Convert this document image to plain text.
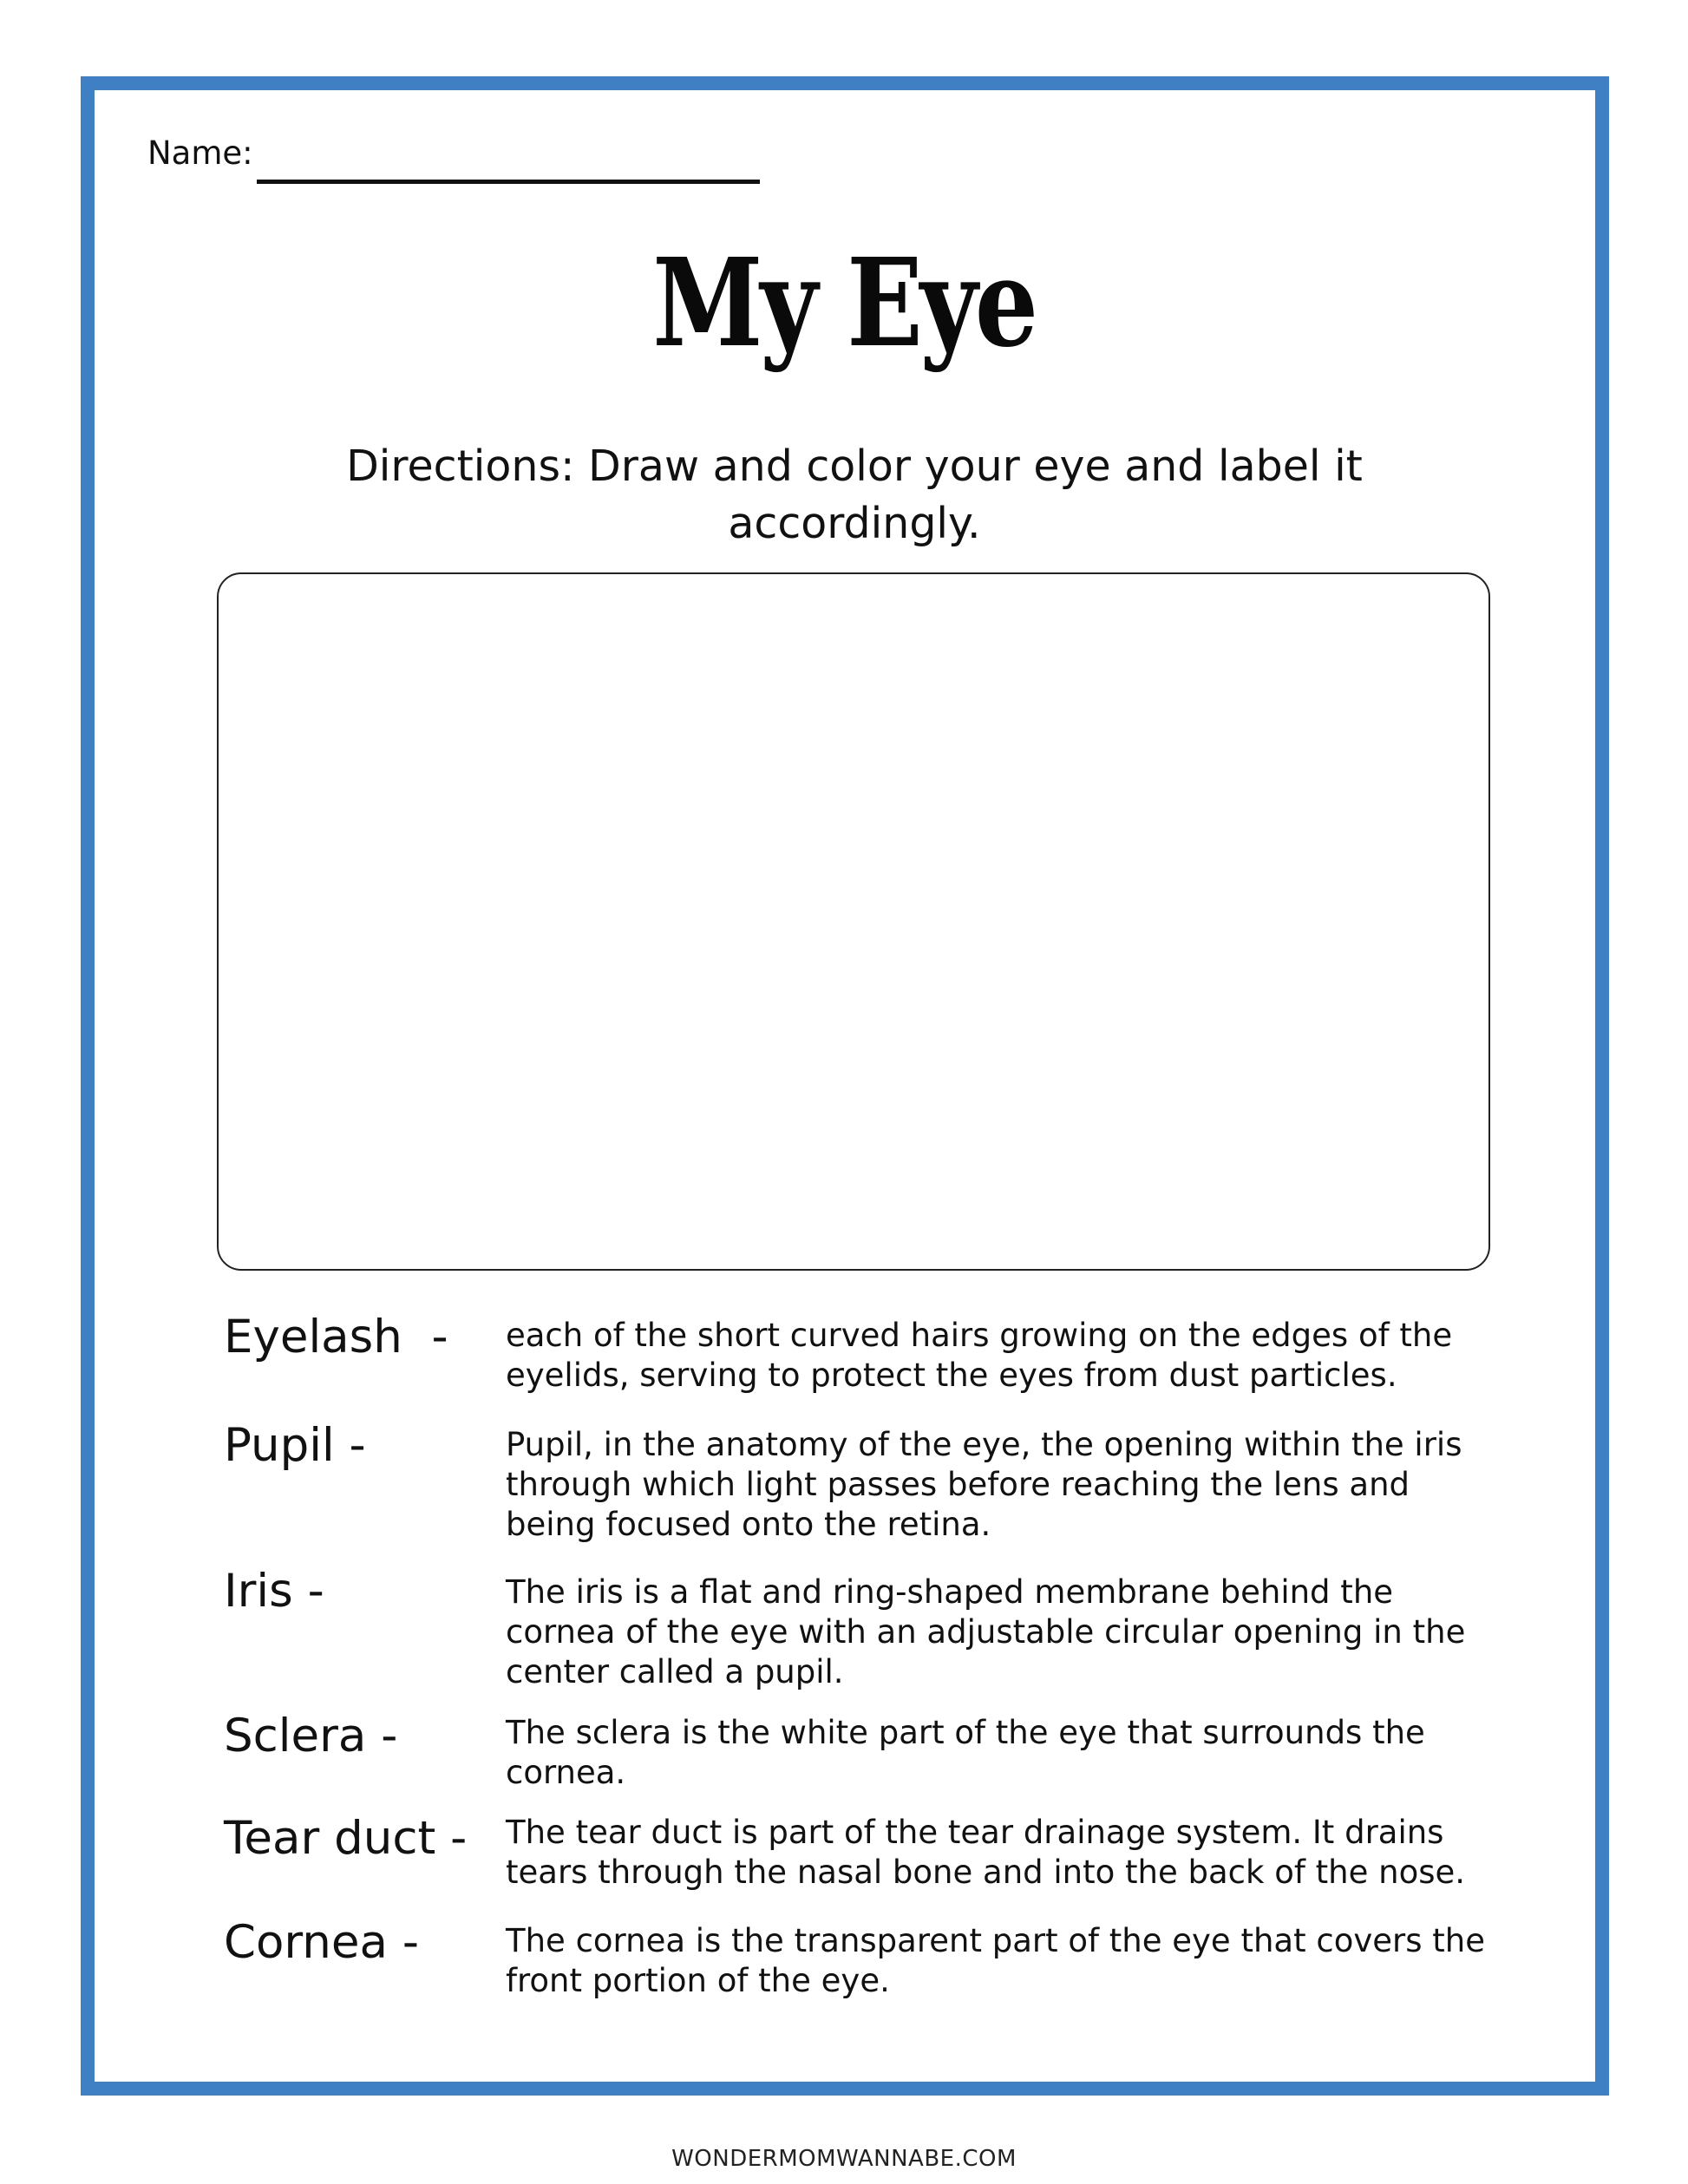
Name:
My Eye
Directions: Draw and color your eye and label it accordingly.
Eyelash  - each of the short curved hairs growing on the edges of the eyelids, serving to protect the eyes from dust particles.
Pupil -	Pupil, in the anatomy of the eye, the opening within the iris through which light passes before reaching the lens and being focused onto the retina.
Iris -	The iris is a flat and ring-shaped membrane behind the cornea of the eye with an adjustable circular opening in the center called a pupil.
Sclera -	The sclera is the white part of the eye that surrounds the cornea.
Tear duct - The tear duct is part of the tear drainage system. It drains tears through the nasal bone and into the back of the nose.
Cornea -	The cornea is the transparent part of the eye that covers the front portion of the eye.
WONDERMOMWANNABE.COM
